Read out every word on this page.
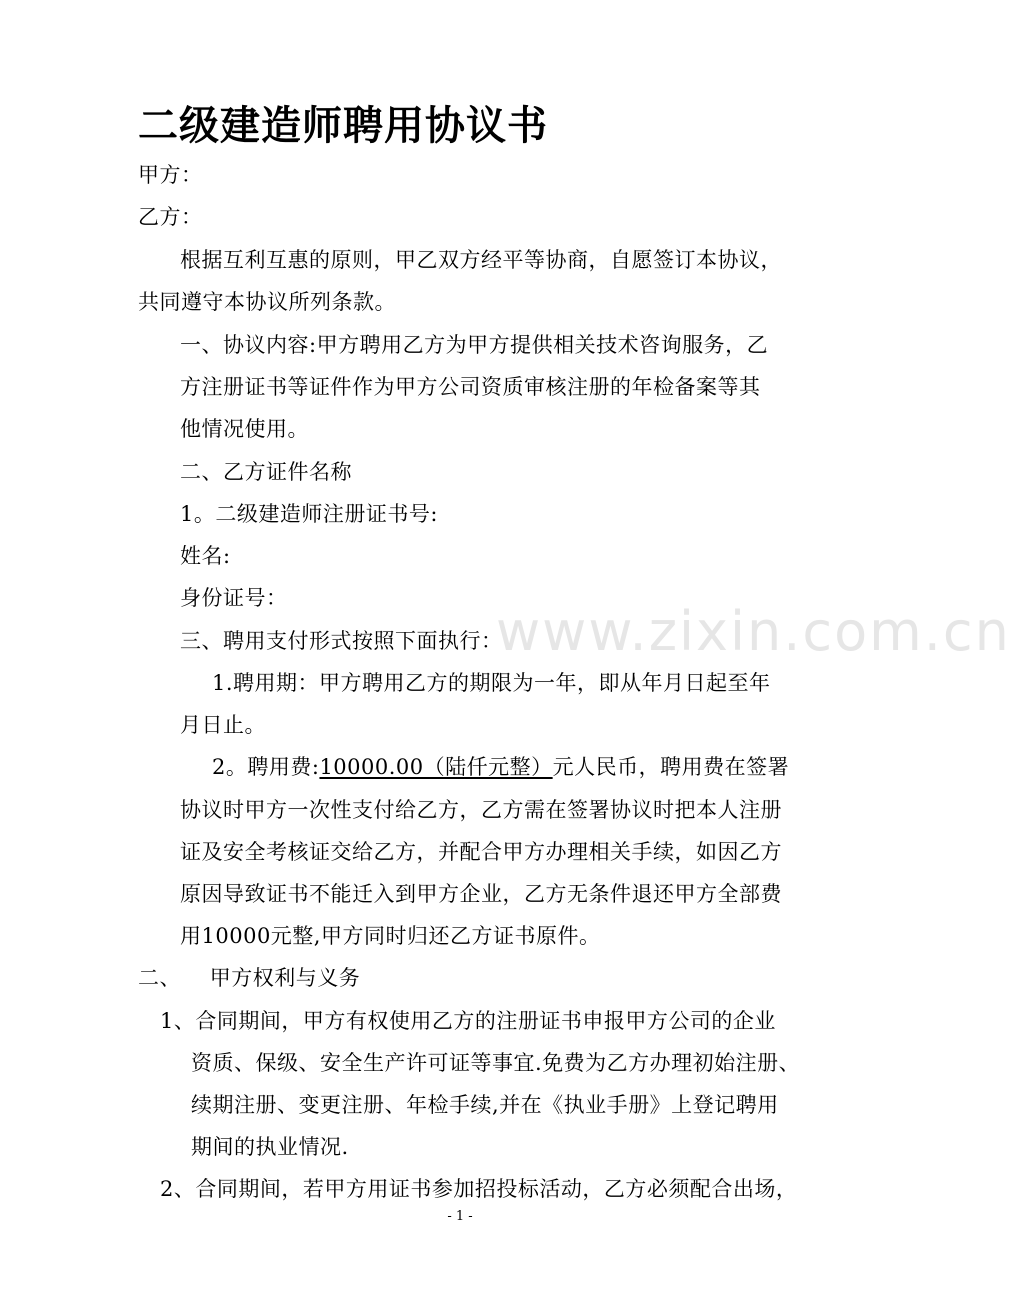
二级建造师聘用协议书

甲方：

乙方：

根据互利互惠的原则，甲乙双方经平等协商，自愿签订本协议，

共同遵守本协议所列条款。

一、协议内容:甲方聘用乙方为甲方提供相关技术咨询服务，乙

方注册证书等证件作为甲方公司资质审核注册的年检备案等其

他情况使用。

二、乙方证件名称

1。二级建造师注册证书号:

姓名:

身份证号：

三、聘用支付形式按照下面执行：

1.聘用期：甲方聘用乙方的期限为一年，即从年月日起至年

月日止。

2。聘用费:10000.00（陆仟元整）元人民币，聘用费在签署

协议时甲方一次性支付给乙方，乙方需在签署协议时把本人注册

证及安全考核证交给乙方，并配合甲方办理相关手续，如因乙方

原因导致证书不能迁入到甲方企业，乙方无条件退还甲方全部费

用10000元整,甲方同时归还乙方证书原件。

二、    甲方权利与义务

1、合同期间，甲方有权使用乙方的注册证书申报甲方公司的企业

资质、保级、安全生产许可证等事宜.免费为乙方办理初始注册、

续期注册、变更注册、年检手续,并在《执业手册》上登记聘用

期间的执业情况.

2、合同期间，若甲方用证书参加招投标活动，乙方必须配合出场，

www.zixin.com.cn

- 1 -
